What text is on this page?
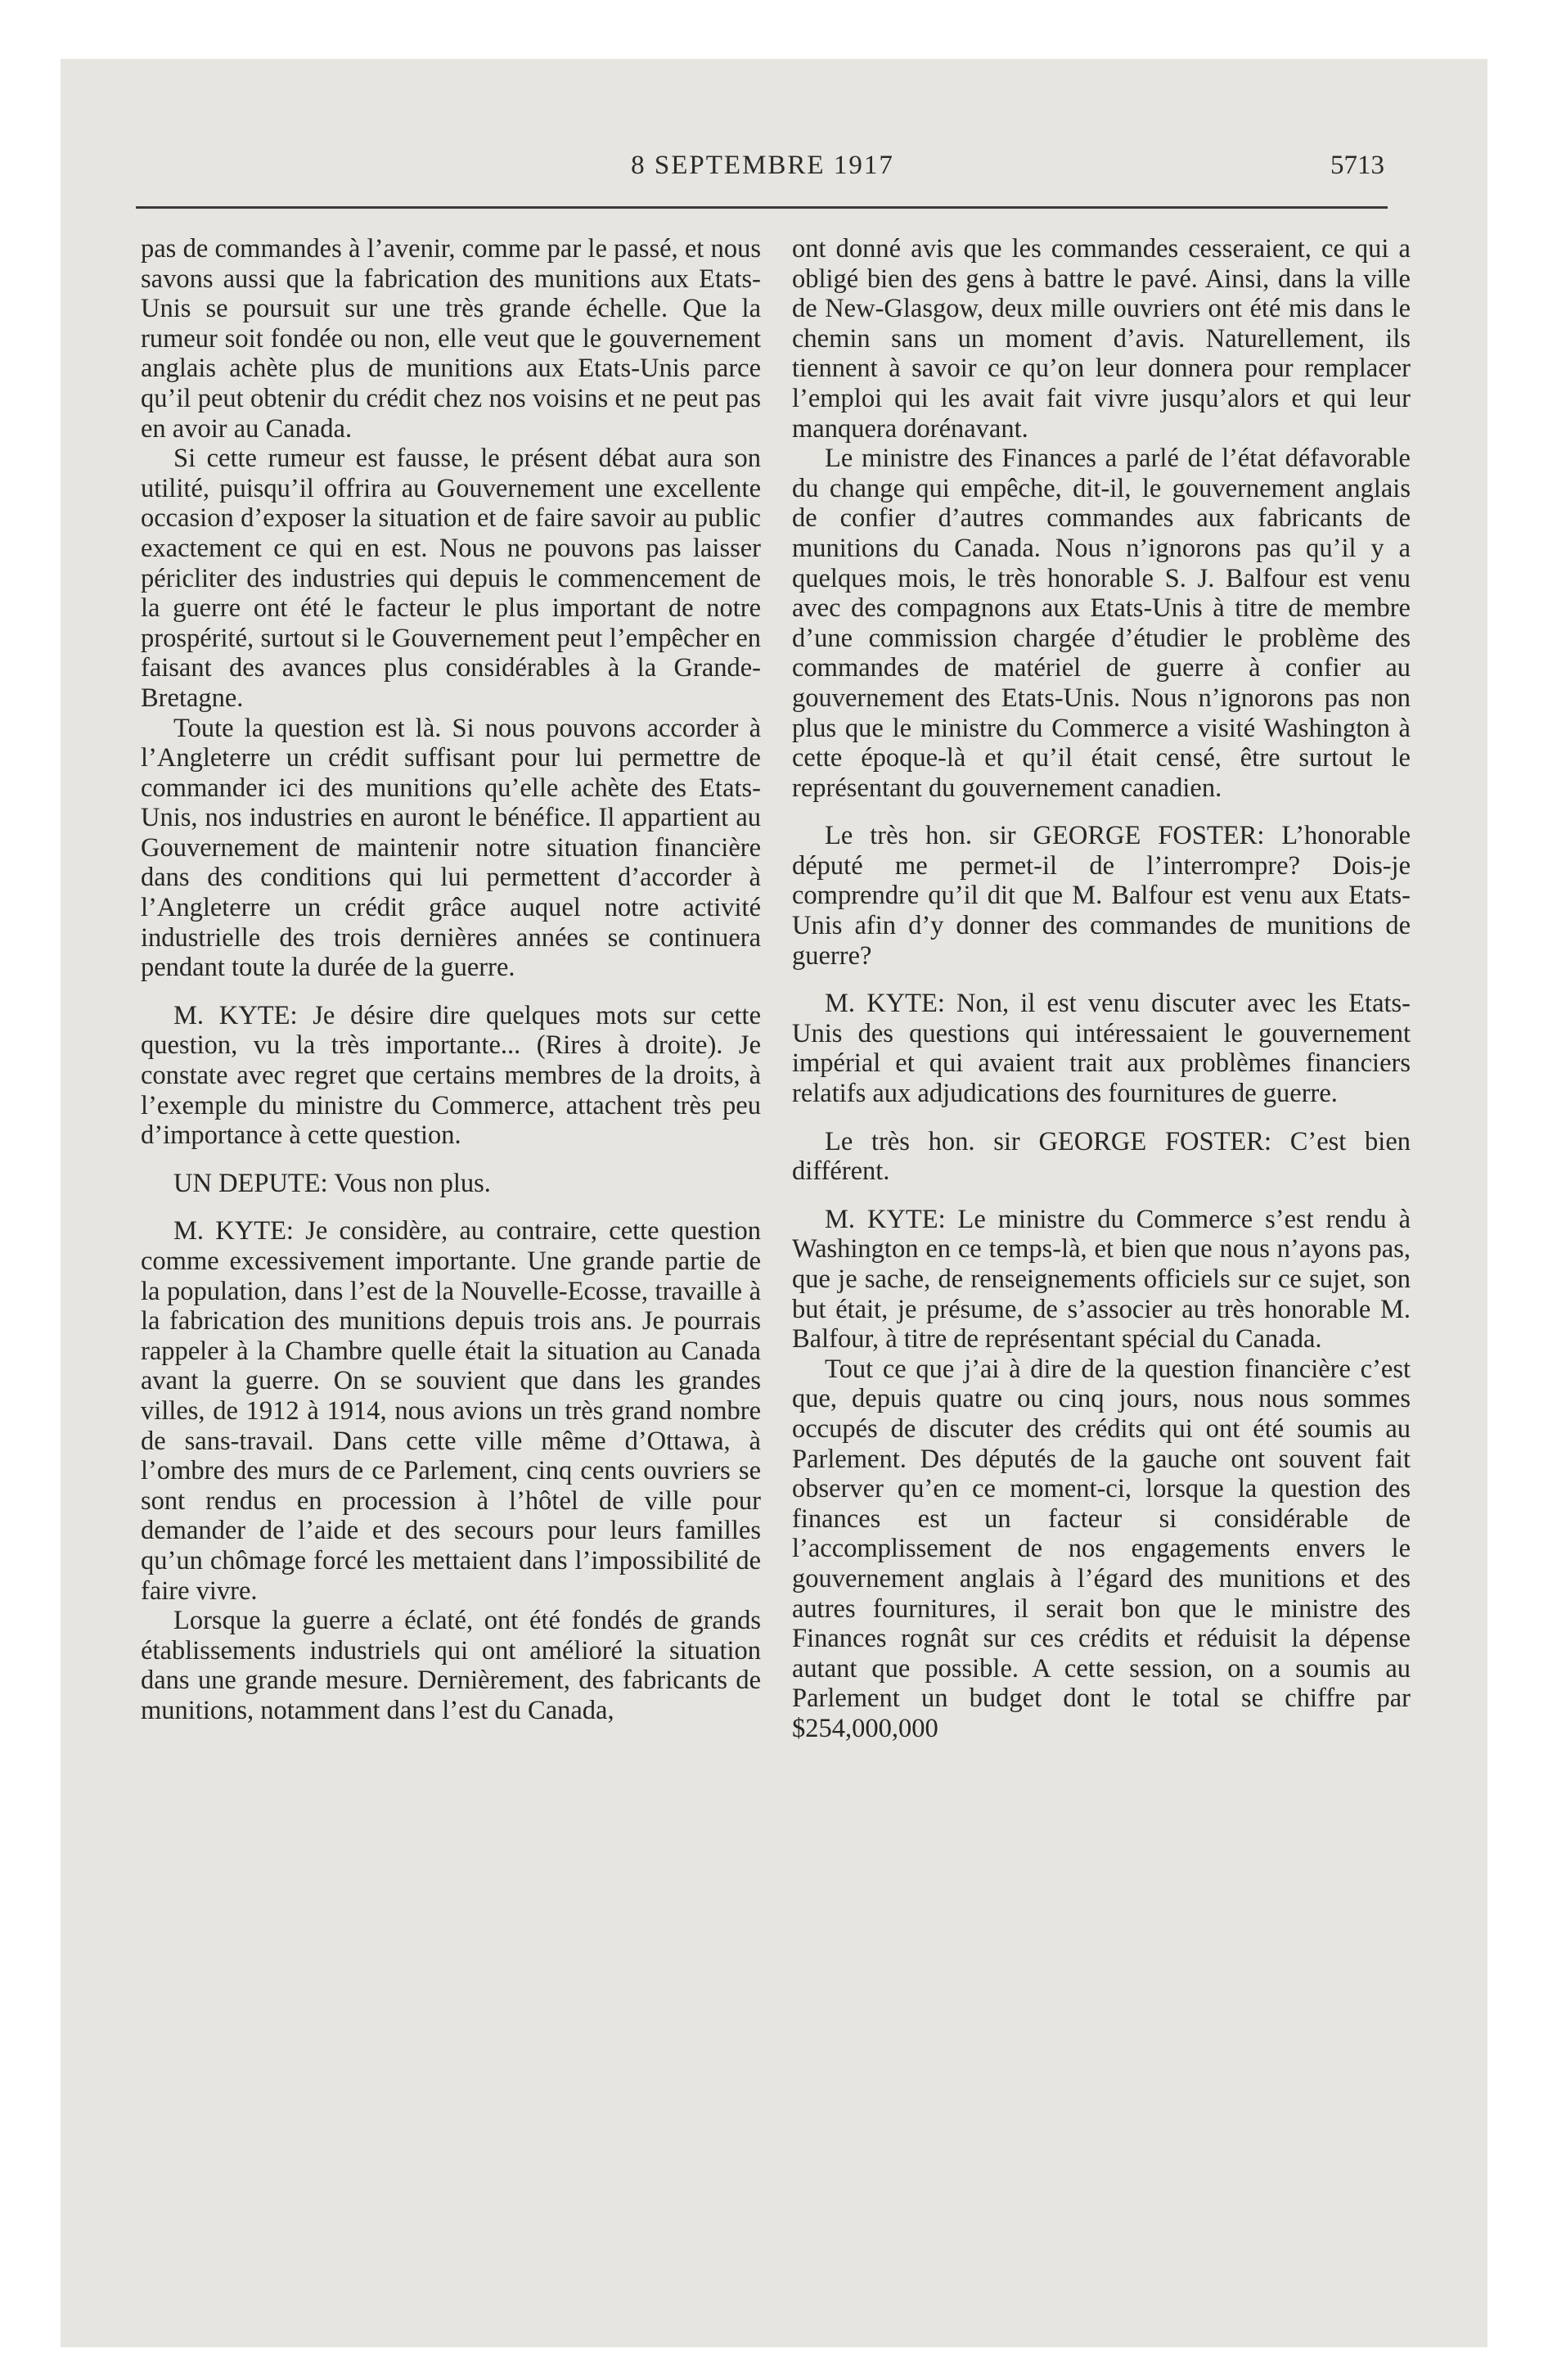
8 SEPTEMBRE 1917	5713

pas de commandes à l’avenir, comme par le passé, et nous savons aussi que la fabrication des munitions aux Etats-Unis se poursuit sur une très grande échelle. Que la rumeur soit fondée ou non, elle veut que le gouvernement anglais achète plus de munitions aux Etats-Unis parce qu’il peut obtenir du crédit chez nos voisins et ne peut pas en avoir au Canada.

Si cette rumeur est fausse, le présent débat aura son utilité, puisqu’il offrira au Gouvernement une excellente occasion d’exposer la situation et de faire savoir au public exactement ce qui en est. Nous ne pouvons pas laisser péricliter des industries qui depuis le commencement de la guerre ont été le facteur le plus important de notre prospérité, surtout si le Gouvernement peut l’empêcher en faisant des avances plus considérables à la Grande-Bretagne.

Toute la question est là. Si nous pouvons accorder à l’Angleterre un crédit suffisant pour lui permettre de commander ici des munitions qu’elle achète des Etats-Unis, nos industries en auront le bénéfice. Il appartient au Gouvernement de maintenir notre situation financière dans des conditions qui lui permettent d’accorder à l’Angleterre un crédit grâce auquel notre activité industrielle des trois dernières années se continuera pendant toute la durée de la guerre.

M. KYTE: Je désire dire quelques mots sur cette question, vu la très importante... (Rires à droite). Je constate avec regret que certains membres de la droits, à l’exemple du ministre du Commerce, attachent très peu d’importance à cette question.

UN DEPUTE: Vous non plus.

M. KYTE: Je considère, au contraire, cette question comme excessivement importante. Une grande partie de la population, dans l’est de la Nouvelle-Ecosse, travaille à la fabrication des munitions depuis trois ans. Je pourrais rappeler à la Chambre quelle était la situation au Canada avant la guerre. On se souvient que dans les grandes villes, de 1912 à 1914, nous avions un très grand nombre de sans-travail. Dans cette ville même d’Ottawa, à l’ombre des murs de ce Parlement, cinq cents ouvriers se sont rendus en procession à l’hôtel de ville pour demander de l’aide et des secours pour leurs familles qu’un chômage forcé les mettaient dans l’impossibilité de faire vivre.

Lorsque la guerre a éclaté, ont été fondés de grands établissements industriels qui ont amélioré la situation dans une grande mesure. Dernièrement, des fabricants de munitions, notamment dans l’est du Canada,

ont donné avis que les commandes cesseraient, ce qui a obligé bien des gens à battre le pavé. Ainsi, dans la ville de New-Glasgow, deux mille ouvriers ont été mis dans le chemin sans un moment d’avis. Naturellement, ils tiennent à savoir ce qu’on leur donnera pour remplacer l’emploi qui les avait fait vivre jusqu’alors et qui leur manquera dorénavant.

Le ministre des Finances a parlé de l’état défavorable du change qui empêche, dit-il, le gouvernement anglais de confier d’autres commandes aux fabricants de munitions du Canada. Nous n’ignorons pas qu’il y a quelques mois, le très honorable S. J. Balfour est venu avec des compagnons aux Etats-Unis à titre de membre d’une commission chargée d’étudier le problème des commandes de matériel de guerre à confier au gouvernement des Etats-Unis. Nous n’ignorons pas non plus que le ministre du Commerce a visité Washington à cette époque-là et qu’il était censé, être surtout le représentant du gouvernement canadien.

Le très hon. sir GEORGE FOSTER: L’honorable député me permet-il de l’interrompre? Dois-je comprendre qu’il dit que M. Balfour est venu aux Etats-Unis afin d’y donner des commandes de munitions de guerre?

M. KYTE: Non, il est venu discuter avec les Etats-Unis des questions qui intéressaient le gouvernement impérial et qui avaient trait aux problèmes financiers relatifs aux adjudications des fournitures de guerre.

Le très hon. sir GEORGE FOSTER: C’est bien différent.

M. KYTE: Le ministre du Commerce s’est rendu à Washington en ce temps-là, et bien que nous n’ayons pas, que je sache, de renseignements officiels sur ce sujet, son but était, je présume, de s’associer au très honorable M. Balfour, à titre de représentant spécial du Canada.

Tout ce que j’ai à dire de la question financière c’est que, depuis quatre ou cinq jours, nous nous sommes occupés de discuter des crédits qui ont été soumis au Parlement. Des députés de la gauche ont souvent fait observer qu’en ce moment-ci, lorsque la question des finances est un facteur si considérable de l’accomplissement de nos engagements envers le gouvernement anglais à l’égard des munitions et des autres fournitures, il serait bon que le ministre des Finances rognât sur ces crédits et réduisit la dépense autant que possible. A cette session, on a soumis au Parlement un budget dont le total se chiffre par $254,000,000
